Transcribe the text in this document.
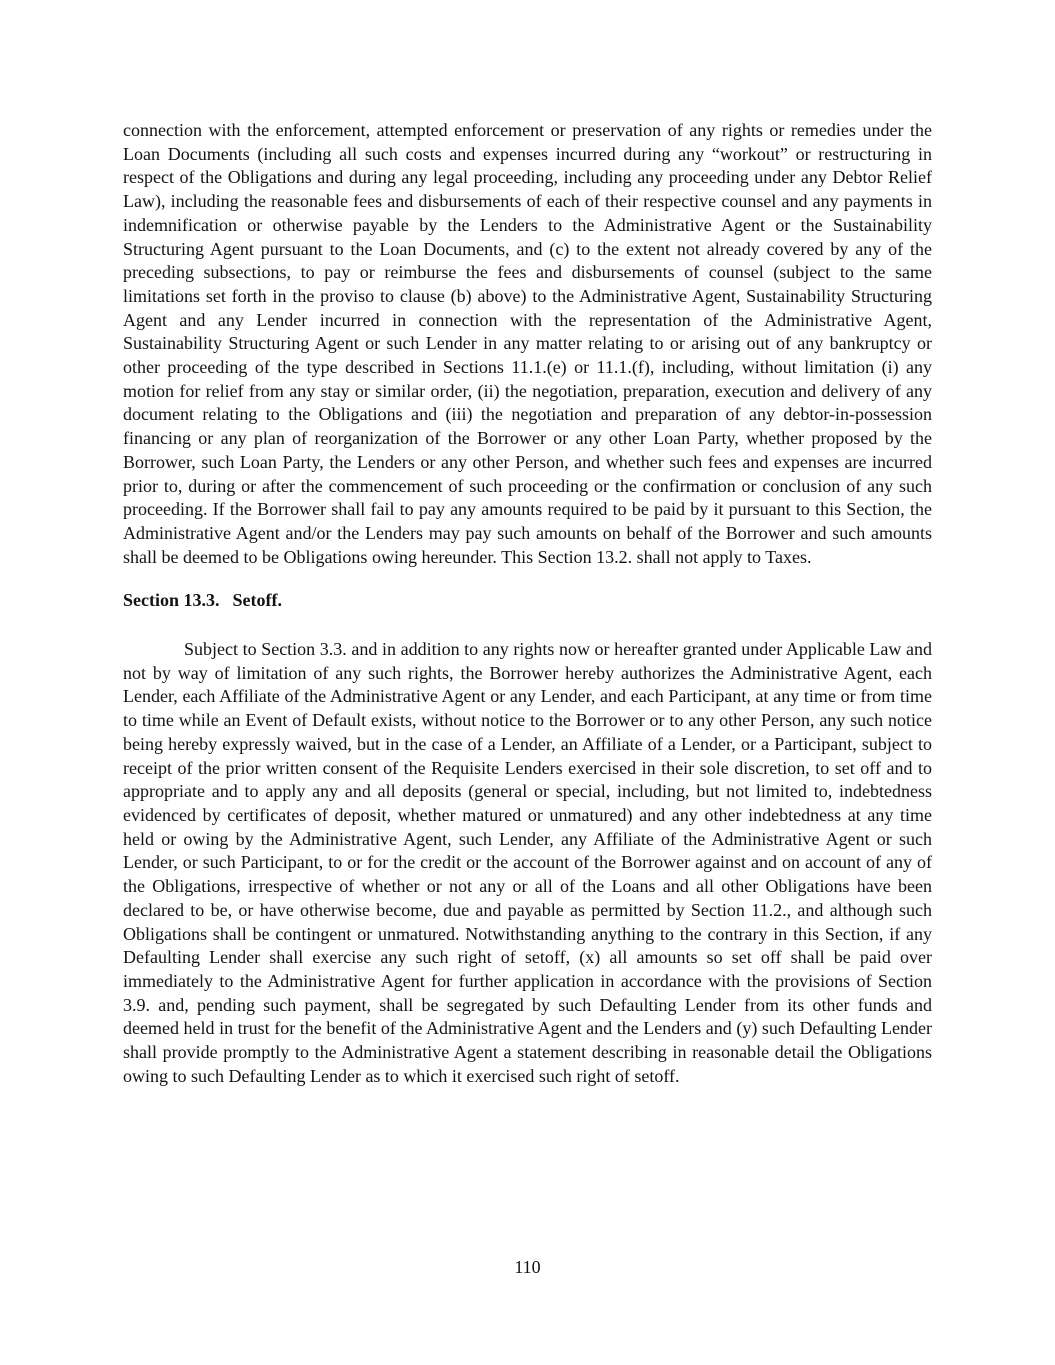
connection with the enforcement, attempted enforcement or preservation of any rights or remedies under the Loan Documents (including all such costs and expenses incurred during any “workout” or restructuring in respect of the Obligations and during any legal proceeding, including any proceeding under any Debtor Relief Law), including the reasonable fees and disbursements of each of their respective counsel and any payments in indemnification or otherwise payable by the Lenders to the Administrative Agent or the Sustainability Structuring Agent pursuant to the Loan Documents, and (c) to the extent not already covered by any of the preceding subsections, to pay or reimburse the fees and disbursements of counsel (subject to the same limitations set forth in the proviso to clause (b) above) to the Administrative Agent, Sustainability Structuring Agent and any Lender incurred in connection with the representation of the Administrative Agent, Sustainability Structuring Agent or such Lender in any matter relating to or arising out of any bankruptcy or other proceeding of the type described in Sections 11.1.(e) or 11.1.(f), including, without limitation (i) any motion for relief from any stay or similar order, (ii) the negotiation, preparation, execution and delivery of any document relating to the Obligations and (iii) the negotiation and preparation of any debtor-in-possession financing or any plan of reorganization of the Borrower or any other Loan Party, whether proposed by the Borrower, such Loan Party, the Lenders or any other Person, and whether such fees and expenses are incurred prior to, during or after the commencement of such proceeding or the confirmation or conclusion of any such proceeding. If the Borrower shall fail to pay any amounts required to be paid by it pursuant to this Section, the Administrative Agent and/or the Lenders may pay such amounts on behalf of the Borrower and such amounts shall be deemed to be Obligations owing hereunder. This Section 13.2. shall not apply to Taxes.

Section 13.3. Setoff.

Subject to Section 3.3. and in addition to any rights now or hereafter granted under Applicable Law and not by way of limitation of any such rights, the Borrower hereby authorizes the Administrative Agent, each Lender, each Affiliate of the Administrative Agent or any Lender, and each Participant, at any time or from time to time while an Event of Default exists, without notice to the Borrower or to any other Person, any such notice being hereby expressly waived, but in the case of a Lender, an Affiliate of a Lender, or a Participant, subject to receipt of the prior written consent of the Requisite Lenders exercised in their sole discretion, to set off and to appropriate and to apply any and all deposits (general or special, including, but not limited to, indebtedness evidenced by certificates of deposit, whether matured or unmatured) and any other indebtedness at any time held or owing by the Administrative Agent, such Lender, any Affiliate of the Administrative Agent or such Lender, or such Participant, to or for the credit or the account of the Borrower against and on account of any of the Obligations, irrespective of whether or not any or all of the Loans and all other Obligations have been declared to be, or have otherwise become, due and payable as permitted by Section 11.2., and although such Obligations shall be contingent or unmatured. Notwithstanding anything to the contrary in this Section, if any Defaulting Lender shall exercise any such right of setoff, (x) all amounts so set off shall be paid over immediately to the Administrative Agent for further application in accordance with the provisions of Section 3.9. and, pending such payment, shall be segregated by such Defaulting Lender from its other funds and deemed held in trust for the benefit of the Administrative Agent and the Lenders and (y) such Defaulting Lender shall provide promptly to the Administrative Agent a statement describing in reasonable detail the Obligations owing to such Defaulting Lender as to which it exercised such right of setoff.

110
